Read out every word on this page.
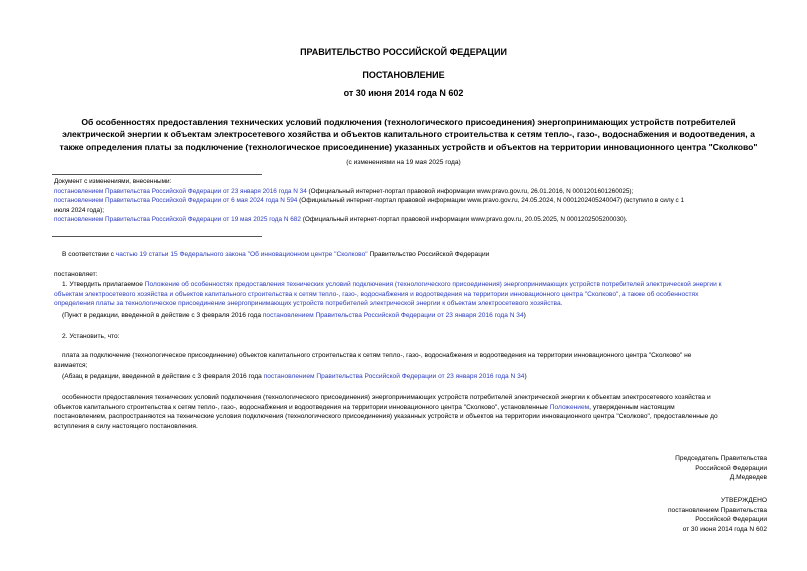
ПРАВИТЕЛЬСТВО РОССИЙСКОЙ ФЕДЕРАЦИИ
ПОСТАНОВЛЕНИЕ
от 30 июня 2014 года N 602
Об особенностях предоставления технических условий подключения (технологического присоединения) энергопринимающих устройств потребителей
электрической энергии к объектам электросетевого хозяйства и объектов капитального строительства к сетям тепло-, газо-, водоснабжения и водоотведения, а
также определения платы за подключение (технологическое присоединение) указанных устройств и объектов на территории инновационного центра "Сколково"
(с изменениями на 19 мая 2025 года)
Документ с изменениями, внесенными:
постановлением Правительства Российской Федерации от 23 января 2016 года N 34 (Официальный интернет-портал правовой информации www.pravo.gov.ru, 26.01.2016, N 0001201601260025);
постановлением Правительства Российской Федерации от 6 мая 2024 года N 594 (Официальный интернет-портал правовой информации www.pravo.gov.ru, 24.05.2024, N 0001202405240047) (вступило в силу с 1
июля 2024 года);
постановлением Правительства Российской Федерации от 19 мая 2025 года N 682 (Официальный интернет-портал правовой информации www.pravo.gov.ru, 20.05.2025, N 0001202505200030).
В соответствии с частью 19 статьи 15 Федерального закона "Об инновационном центре "Сколково" Правительство Российской Федерации
постановляет:
1. Утвердить прилагаемое Положение об особенностях предоставления технических условий подключения (технологического присоединения) энергопринимающих устройств потребителей электрической энергии к
объектам электросетевого хозяйства и объектов капитального строительства к сетям тепло-, газо-, водоснабжения и водоотведения на территории инновационного центра "Сколково", а также об особенностях
определения платы за технологическое присоединение энергопринимающих устройств потребителей электрической энергии к объектам электросетевого хозяйства.
(Пункт в редакции, введенной в действие с 3 февраля 2016 года постановлением Правительства Российской Федерации от 23 января 2016 года N 34)
2. Установить, что:
плата за подключение (технологическое присоединение) объектов капитального строительства к сетям тепло-, газо-, водоснабжения и водоотведения на территории инновационного центра "Сколково" не
взимается;
(Абзац в редакции, введенной в действие с 3 февраля 2016 года постановлением Правительства Российской Федерации от 23 января 2016 года N 34)
особенности предоставления технических условий подключения (технологического присоединения) энергопринимающих устройств потребителей электрической энергии к объектам электросетевого хозяйства и
объектов капитального строительства к сетям тепло-, газо-, водоснабжения и водоотведения на территории инновационного центра "Сколково", установленные Положением, утвержденным настоящим
постановлением, распространяются на технические условия подключения (технологического присоединения) указанных устройств и объектов на территории инновационного центра "Сколково", предоставленные до
вступления в силу настоящего постановления.
Председатель Правительства
Российской Федерации
Д.Медведев
УТВЕРЖДЕНО
постановлением Правительства
Российской Федерации
от 30 июня 2014 года N 602
